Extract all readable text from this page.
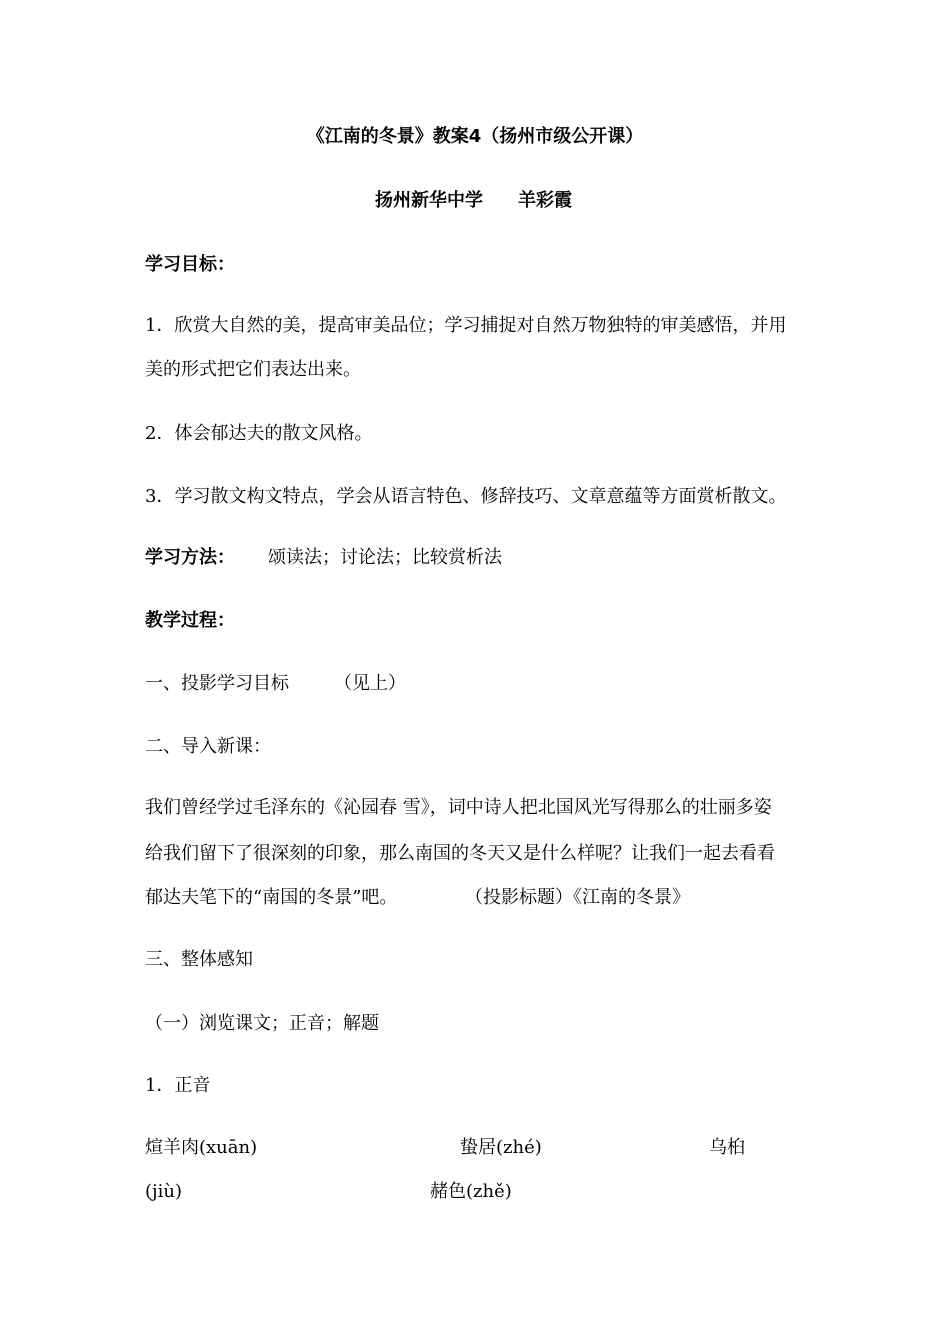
《江南的冬景》教案4（扬州市级公开课）
扬州新华中学 羊彩霞
学习目标：
1．欣赏大自然的美，提高审美品位；学习捕捉对自然万物独特的审美感悟，并用
美的形式把它们表达出来。
2．体会郁达夫的散文风格。
3．学习散文构文特点，学会从语言特色、修辞技巧、文章意蕴等方面赏析散文。
学习方法： 颂读法；讨论法；比较赏析法
教学过程：
一、投影学习目标	（见上）
二、导入新课：
我们曾经学过毛泽东的《沁园春 雪》，词中诗人把北国风光写得那么的壮丽多姿
给我们留下了很深刻的印象，那么南国的冬天又是什么样呢？让我们一起去看看
郁达夫笔下的“南国的冬景”吧。	（投影标题）《江南的冬景》
三、整体感知
（一）浏览课文；正音；解题
1．正音
煊羊肉(xuān)	蛰居(zhé)	乌桕
(jiù)	赭色(zhě)
